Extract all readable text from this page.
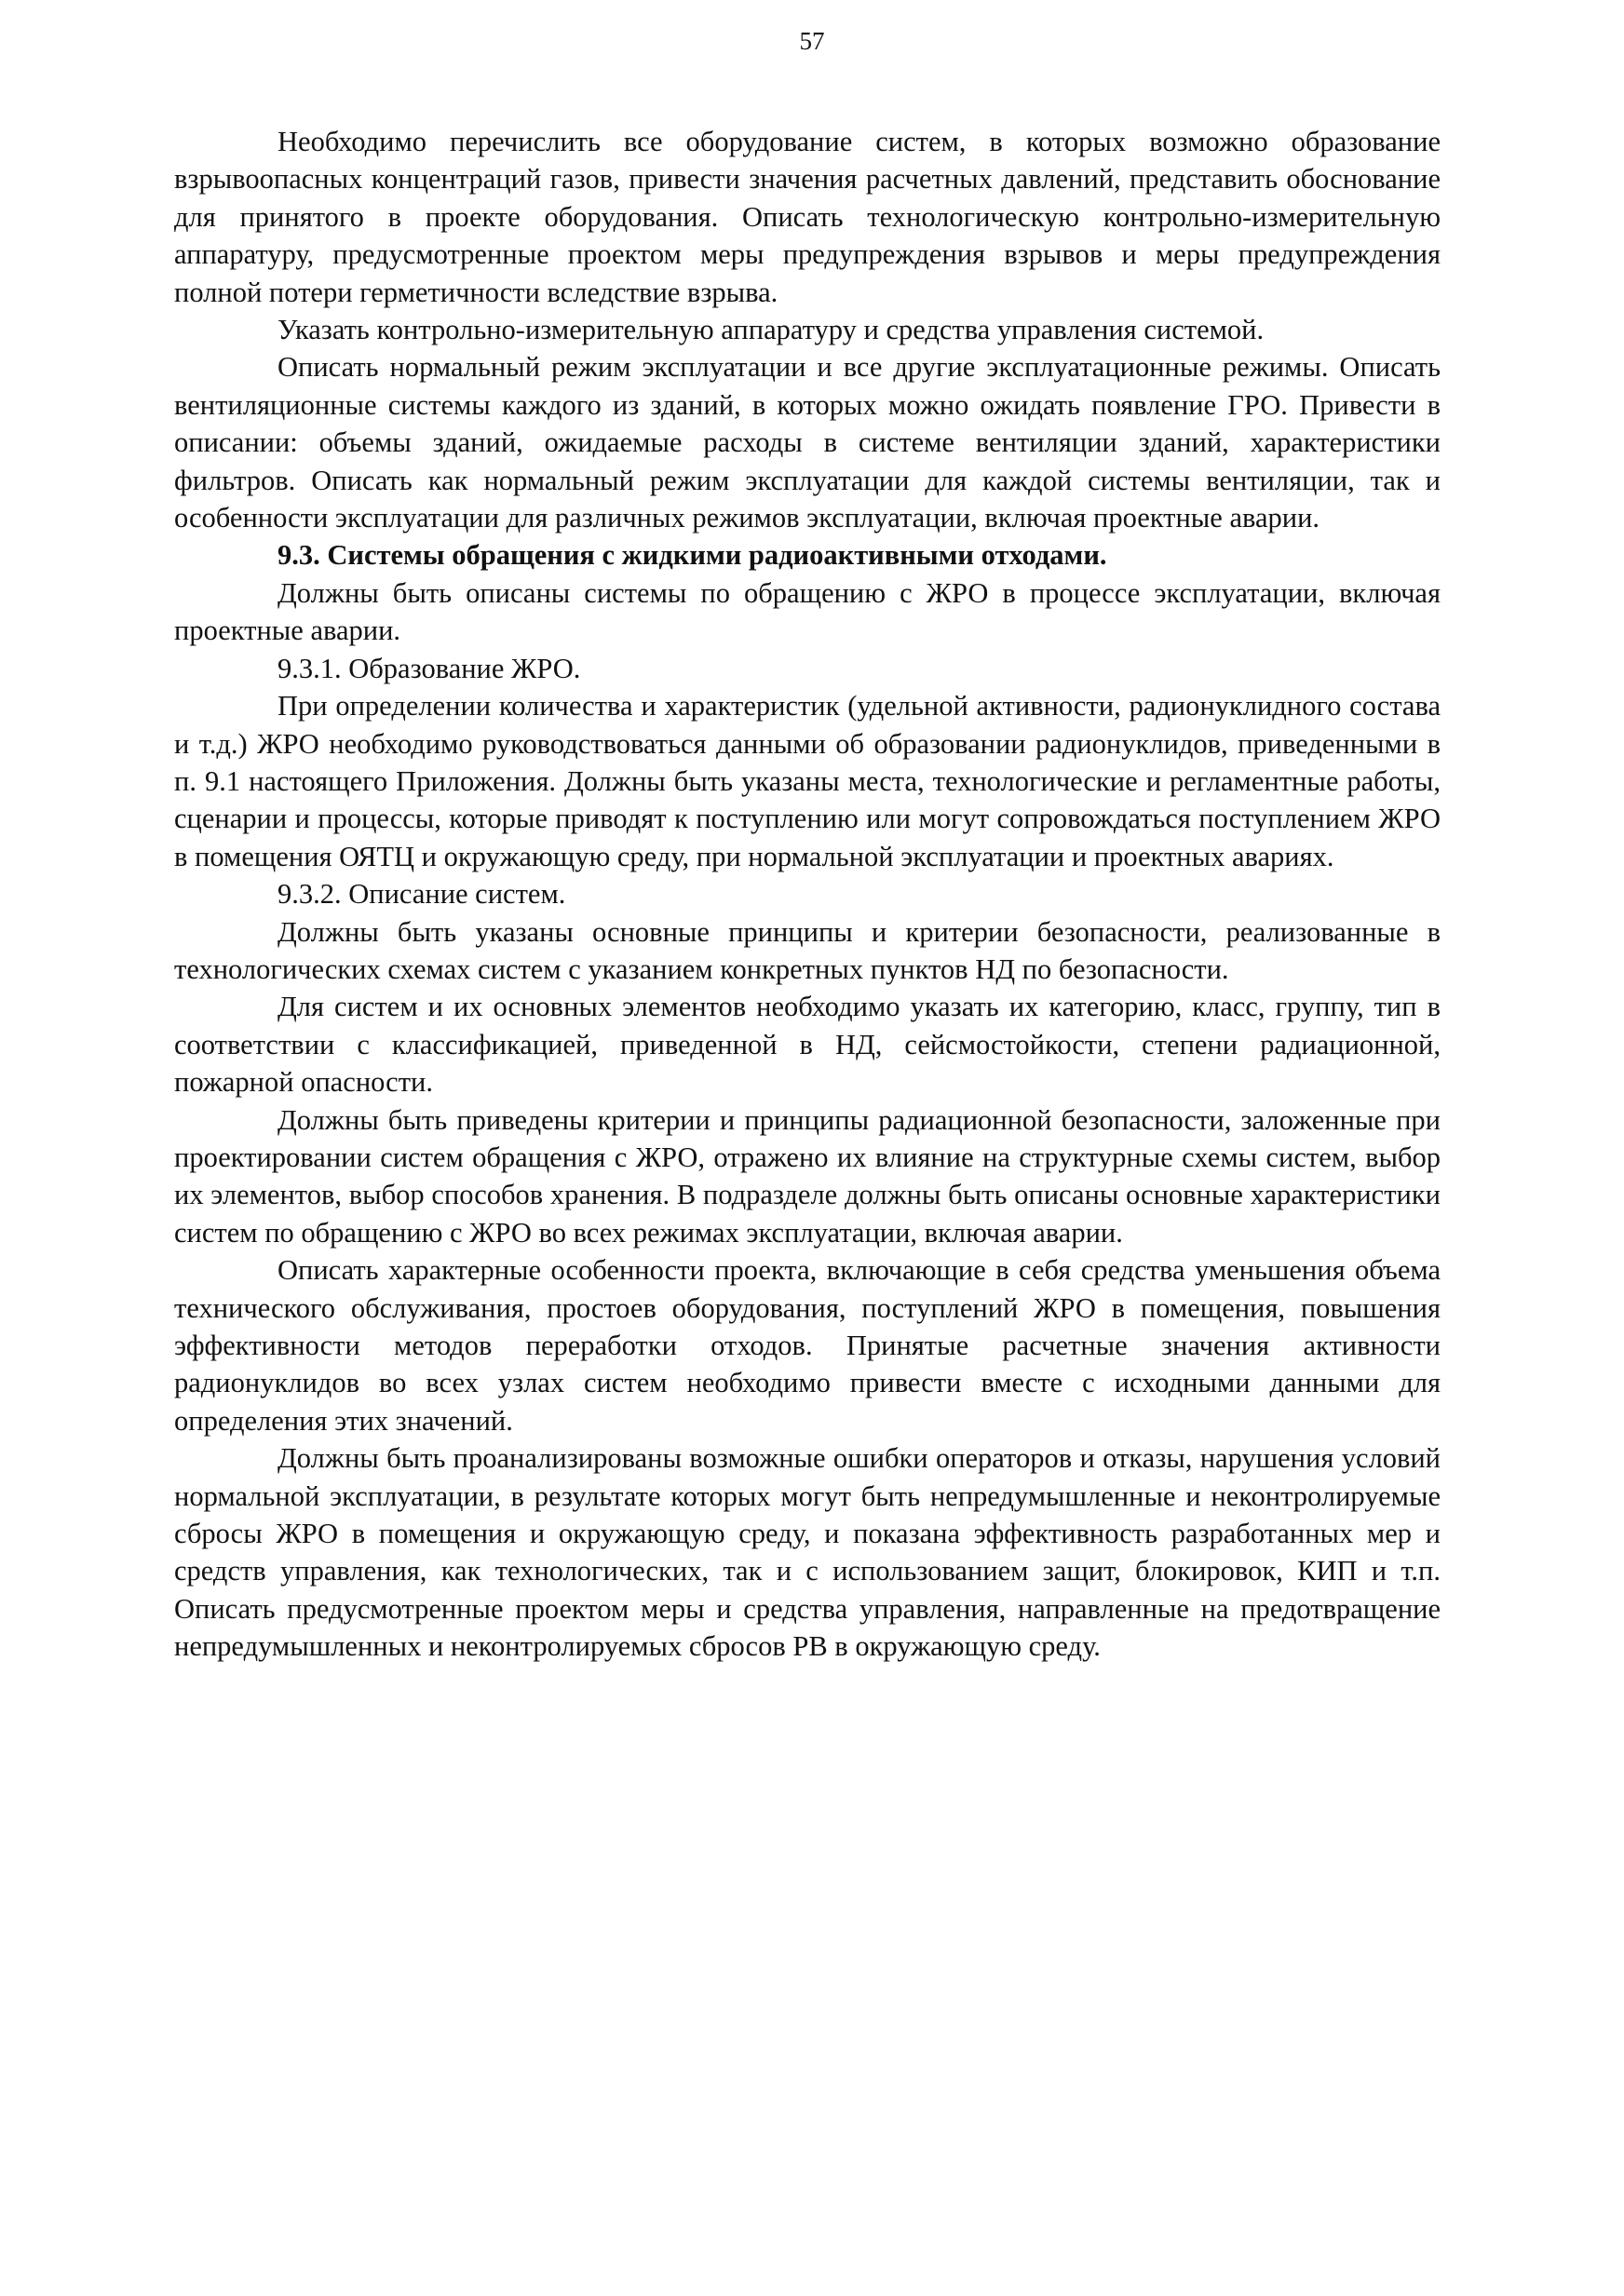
57

Необходимо перечислить все оборудование систем, в которых возможно образование взрывоопасных концентраций газов, привести значения расчетных давлений, представить обоснование для принятого в проекте оборудования. Описать технологическую контрольно-измерительную аппаратуру, предусмотренные проектом меры предупреждения взрывов и меры предупреждения полной потери герметичности вследствие взрыва.

Указать контрольно-измерительную аппаратуру и средства управления системой.

Описать нормальный режим эксплуатации и все другие эксплуатационные режимы. Описать вентиляционные системы каждого из зданий, в которых можно ожидать появление ГРО. Привести в описании: объемы зданий, ожидаемые расходы в системе вентиляции зданий, характеристики фильтров. Описать как нормальный режим эксплуатации для каждой системы вентиляции, так и особенности эксплуатации для различных режимов эксплуатации, включая проектные аварии.

9.3. Системы обращения с жидкими радиоактивными отходами.

Должны быть описаны системы по обращению с ЖРО в процессе эксплуатации, включая проектные аварии.

9.3.1. Образование ЖРО.

При определении количества и характеристик (удельной активности, радионуклидного состава и т.д.) ЖРО необходимо руководствоваться данными об образовании радионуклидов, приведенными в п. 9.1 настоящего Приложения. Должны быть указаны места, технологические и регламентные работы, сценарии и процессы, которые приводят к поступлению или могут сопровождаться поступлением ЖРО в помещения ОЯТЦ и окружающую среду, при нормальной эксплуатации и проектных авариях.

9.3.2. Описание систем.

Должны быть указаны основные принципы и критерии безопасности, реализованные в технологических схемах систем с указанием конкретных пунктов НД по безопасности.

Для систем и их основных элементов необходимо указать их категорию, класс, группу, тип в соответствии с классификацией, приведенной в НД, сейсмостойкости, степени радиационной, пожарной опасности.

Должны быть приведены критерии и принципы радиационной безопасности, заложенные при проектировании систем обращения с ЖРО, отражено их влияние на структурные схемы систем, выбор их элементов, выбор способов хранения. В подразделе должны быть описаны основные характеристики систем по обращению с ЖРО во всех режимах эксплуатации, включая аварии.

Описать характерные особенности проекта, включающие в себя средства уменьшения объема технического обслуживания, простоев оборудования, поступлений ЖРО в помещения, повышения эффективности методов переработки отходов. Принятые расчетные значения активности радионуклидов во всех узлах систем необходимо привести вместе с исходными данными для определения этих значений.

Должны быть проанализированы возможные ошибки операторов и отказы, нарушения условий нормальной эксплуатации, в результате которых могут быть непредумышленные и неконтролируемые сбросы ЖРО в помещения и окружающую среду, и показана эффективность разработанных мер и средств управления, как технологических, так и с использованием защит, блокировок, КИП и т.п. Описать предусмотренные проектом меры и средства управления, направленные на предотвращение непредумышленных и неконтролируемых сбросов РВ в окружающую среду.
